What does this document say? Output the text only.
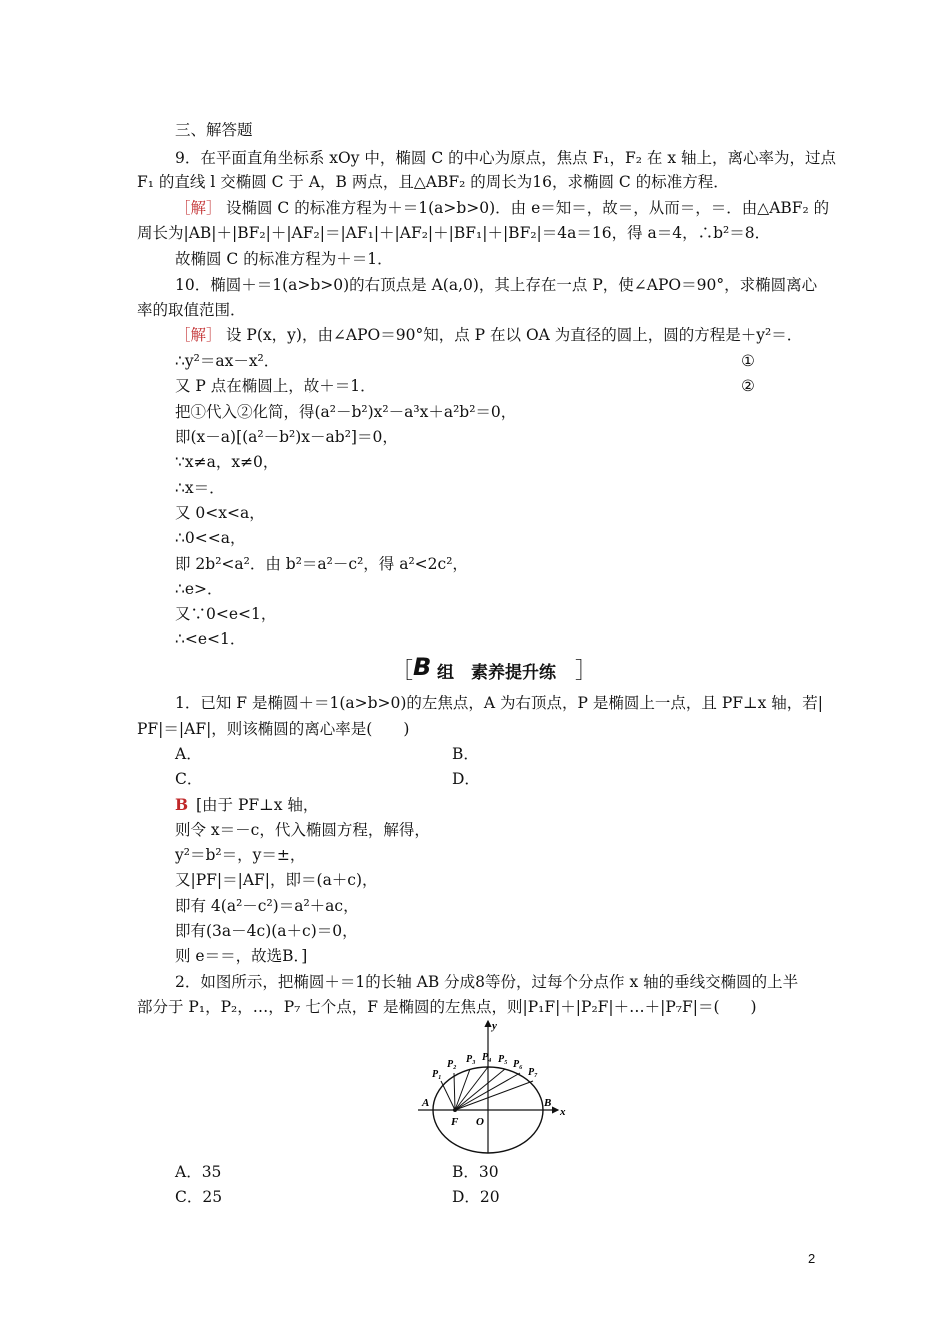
三、解答题
9．在平面直角坐标系 xOy 中，椭圆 C 的中心为原点，焦点 F₁，F₂ 在 x 轴上，离心率为，过点
F₁ 的直线 l 交椭圆 C 于 A，B 两点，且△ABF₂ 的周长为16，求椭圆 C 的标准方程．
［解］ 设椭圆 C 的标准方程为＋＝1(a>b>0)．由 e＝知＝，故＝，从而＝，＝．由△ABF₂ 的
周长为|AB|＋|BF₂|＋|AF₂|＝|AF₁|＋|AF₂|＋|BF₁|＋|BF₂|＝4a＝16，得 a＝4，∴b²＝8．
故椭圆 C 的标准方程为＋＝1．
10．椭圆＋＝1(a>b>0)的右顶点是 A(a,0)，其上存在一点 P，使∠APO＝90°，求椭圆离心
率的取值范围．
［解］ 设 P(x，y)，由∠APO＝90°知，点 P 在以 OA 为直径的圆上，圆的方程是＋y²＝．
∴y²＝ax－x²．	①
又 P 点在椭圆上，故＋＝1．	②
把①代入②化简，得(a²－b²)x²－a³x＋a²b²＝0，
即(x－a)[(a²－b²)x－ab²]＝0，
∵x≠a，x≠0，
∴x＝．
又 0<x<a，
∴0<<a，
即 2b²<a²．由 b²＝a²－c²，得 a²<2c²，
∴e>．
又∵0<e<1，
∴<e<1．
［ B 组　素养提升练 ］
1．已知 F 是椭圆＋＝1(a>b>0)的左焦点，A 为右顶点，P 是椭圆上一点，且 PF⊥x 轴，若|
PF|＝|AF|，则该椭圆的离心率是(　　)
A．	B．
C．	D．
B [由于 PF⊥x 轴，
则令 x＝－c，代入椭圆方程，解得，
y²＝b²＝，y＝±，
又|PF|＝|AF|，即＝(a＋c)，
即有 4(a²－c²)＝a²＋ac，
即有(3a－4c)(a＋c)＝0，
则 e＝＝，故选B．]
2．如图所示，把椭圆＋＝1的长轴 AB 分成8等份，过每个分点作 x 轴的垂线交椭圆的上半
部分于 P₁，P₂，…，P₇ 七个点，F 是椭圆的左焦点，则|P₁F|＋|P₂F|＋…＋|P₇F|＝(　　)
y
x
A	B
F O
P₁
P₂ P₃ P₄ P₅ P₆
P₇
A．35	B．30
C．25	D．20
2
